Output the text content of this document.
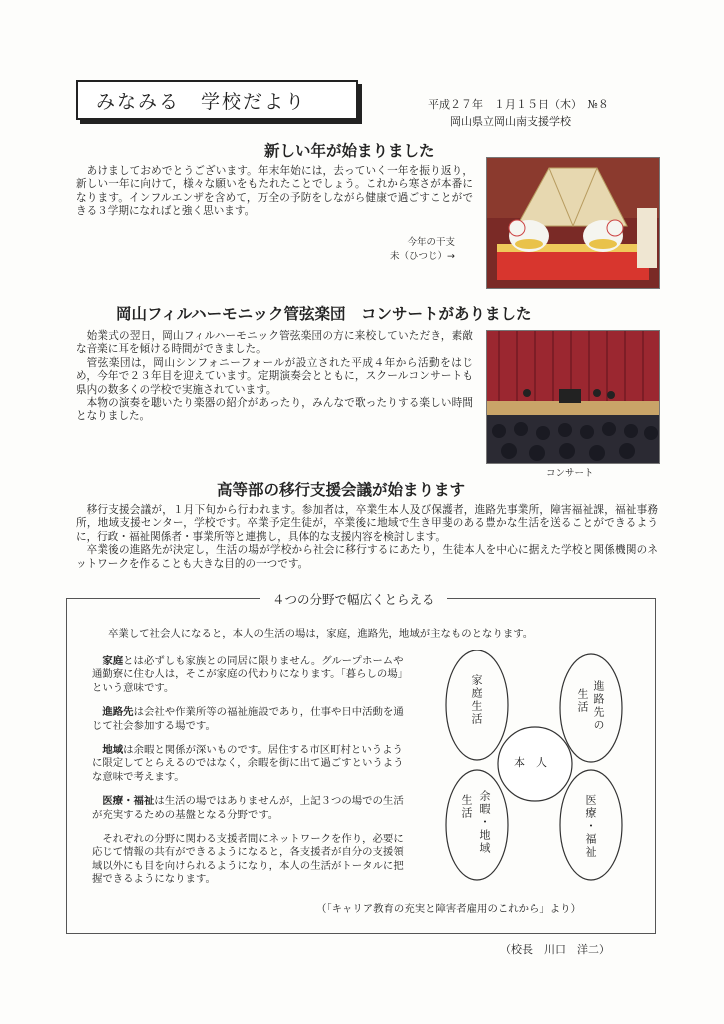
みなみる　学校だより	平成２７年　１月１５日（木）　№８
岡山県立岡山南支援学校
新しい年が始まりました

あけましておめでとうございます。年末年始には，去っていく一年を振り返り，新しい一年に向けて，様々な願いをもたれたことでしょう。これから寒さが本番になります。インフルエンザを含めて，万全の予防をしながら健康で過ごすことができる３学期になればと強く思います。

今年の干支
未（ひつじ）→
岡山フィルハーモニック管弦楽団　コンサートがありました

始業式の翌日，岡山フィルハーモニック管弦楽団の方に来校していただき，素敵な音楽に耳を傾ける時間ができました。

管弦楽団は，岡山シンフォニーフォールが設立された平成４年から活動をはじめ，今年で２３年目を迎えています。定期演奏会とともに，スクールコンサートも県内の数多くの学校で実施されています。

本物の演奏を聴いたり楽器の紹介があったり，みんなで歌ったりする楽しい時間となりました。

コンサート
高等部の移行支援会議が始まります

移行支援会議が，１月下旬から行われます。参加者は，卒業生本人及び保護者，進路先事業所，障害福祉課，福祉事務所，地域支援センター，学校です。卒業予定生徒が，卒業後に地域で生き甲斐のある豊かな生活を送ることができるように，行政・福祉関係者・事業所等と連携し，具体的な支援内容を検討します。

卒業後の進路先が決定し，生活の場が学校から社会に移行するにあたり，生徒本人を中心に据えた学校と関係機関のネットワークを作ることも大きな目的の一つです。

４つの分野で幅広くとらえる
卒業して社会人になると，本人の生活の場は，家庭，進路先，地域が主なものとなります。

家庭とは必ずしも家族との同居に限りません。グループホームや通勤寮に住む人は，そこが家庭の代わりになります。「暮らしの場」という意味です。

進路先は会社や作業所等の福祉施設であり，仕事や日中活動を通じて社会参加する場です。

地域は余暇と関係が深いものです。居住する市区町村というように限定してとらえるのではなく，余暇を街に出て過ごすというような意味で考えます。

医療・福祉は生活の場ではありませんが，上記３つの場での生活が充実するための基盤となる分野です。

それぞれの分野に関わる支援者間にネットワークを作り，必要に応じて情報の共有ができるようになると，各支援者が自分の支援領域以外にも目を向けられるようになり，本人の生活がトータルに把握できるようになります。

家庭生活	進路先の
生活
余暇・地域
生活	医療・福祉
本　人
（「キャリア教育の充実と障害者雇用のこれから」より）
（校長　川口　洋二）
